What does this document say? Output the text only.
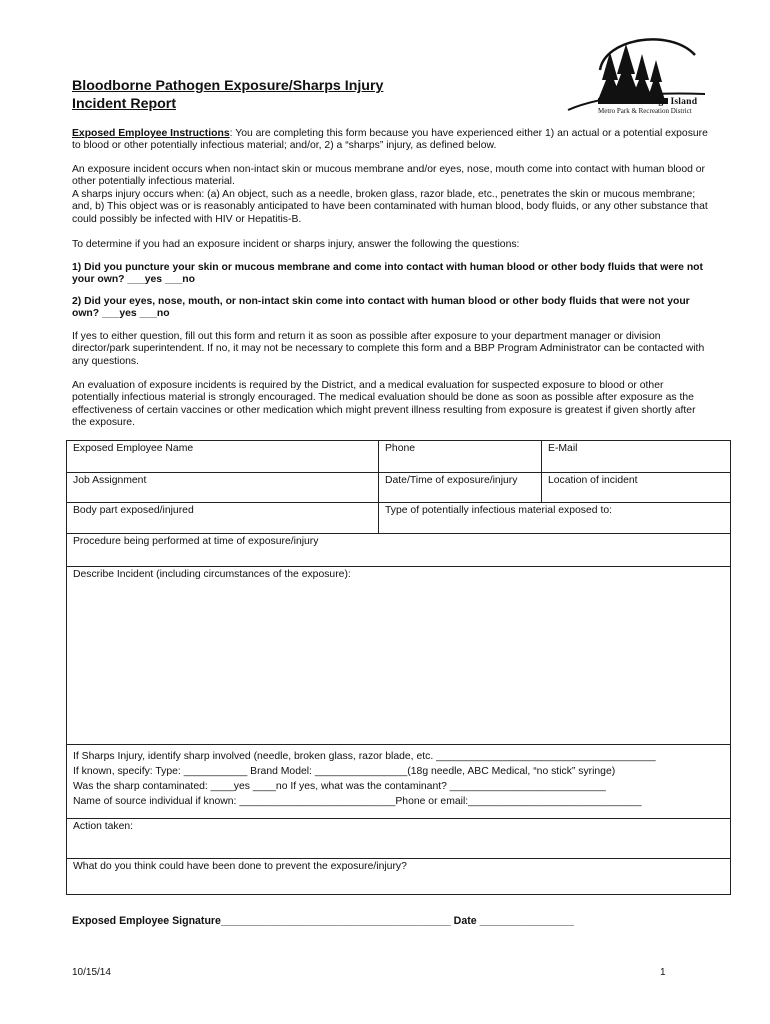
Bloodborne Pathogen Exposure/Sharps Injury
Incident Report	Bainbridge Island
Metro Park & Recreation District

Exposed Employee Instructions: You are completing this form because you have experienced either 1) an actual or a potential exposure to blood or other potentially infectious material; and/or, 2) a “sharps” injury, as defined below.

An exposure incident occurs when non-intact skin or mucous membrane and/or eyes, nose, mouth come into contact with human blood or other potentially infectious material.

A sharps injury occurs when: (a) An object, such as a needle, broken glass, razor blade, etc., penetrates the skin or mucous membrane; and, b) This object was or is reasonably anticipated to have been contaminated with human blood, body fluids, or any other substance that could possibly be infected with HIV or Hepatitis-B.

To determine if you had an exposure incident or sharps injury, answer the following the questions:

1) Did you puncture your skin or mucous membrane and come into contact with human blood or other body fluids that were not your own? ___yes ___no

2) Did your eyes, nose, mouth, or non-intact skin come into contact with human blood or other body fluids that were not your own? ___yes ___no

If yes to either question, fill out this form and return it as soon as possible after exposure to your department manager or division director/park superintendent. If no, it may not be necessary to complete this form and a BBP Program Administrator can be contacted with any questions.

An evaluation of exposure incidents is required by the District, and a medical evaluation for suspected exposure to blood or other potentially infectious material is strongly encouraged. The medical evaluation should be done as soon as possible after exposure as the effectiveness of certain vaccines or other medication which might prevent illness resulting from exposure is greatest if given shortly after the exposure.

Exposed Employee Name	Phone	E-Mail
Job Assignment	Date/Time of exposure/injury	Location of incident
Body part exposed/injured	Type of potentially infectious material exposed to:	
Procedure being performed at time of exposure/injury		
Describe Incident (including circumstances of the exposure):		

If Sharps Injury, identify sharp involved (needle, broken glass, razor blade, etc. ______________________________________
If known, specify: Type: ___________ Brand Model: ________________(18g needle, ABC Medical, “no stick” syringe)
Was the sharp contaminated: ____yes ____no If yes, what was the contaminant? ___________________________
Name of source individual if known: ___________________________Phone or email:______________________________		

Action taken:		
What do you think could have been done to prevent the exposure/injury?		
Exposed Employee Signature_______________________________________ Date ________________
10/15/14	1
